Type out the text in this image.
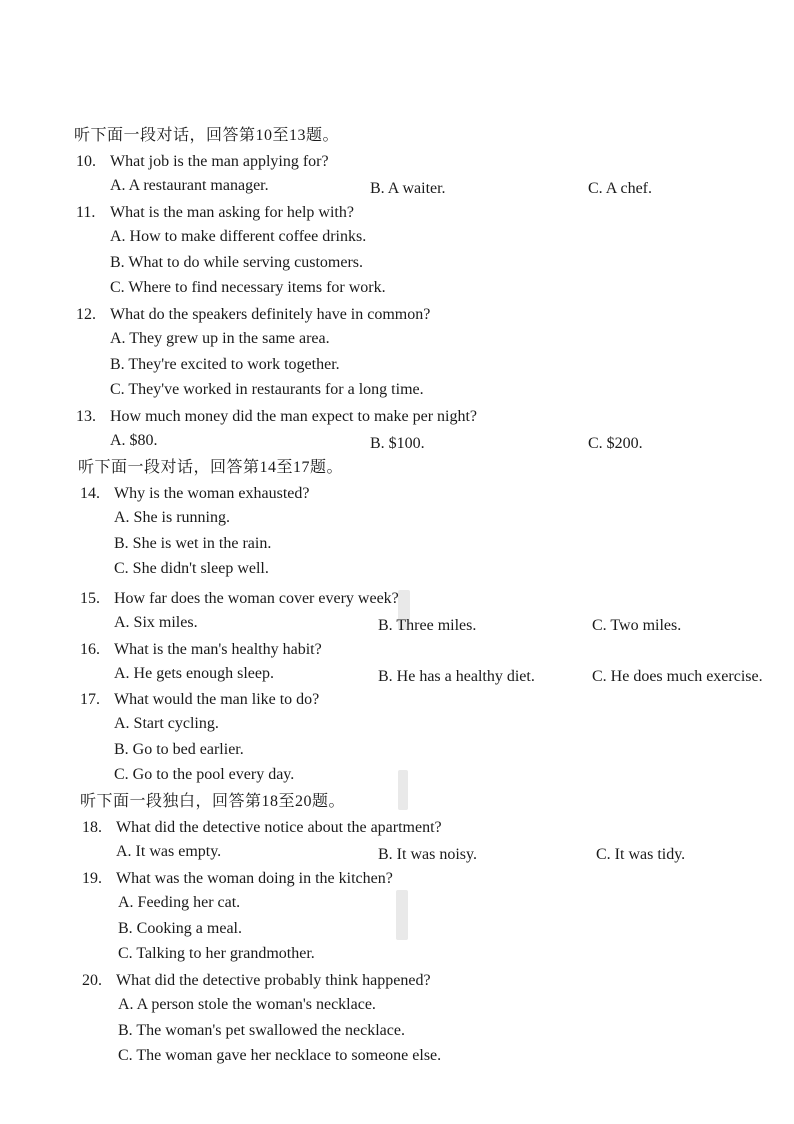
听下面一段对话，回答第10至13题。
10. What job is the man applying for?
A. A restaurant manager.	B. A waiter.	C. A chef.
11. What is the man asking for help with?
A. How to make different coffee drinks.
B. What to do while serving customers.
C. Where to find necessary items for work.
12. What do the speakers definitely have in common?
A. They grew up in the same area.
B. They're excited to work together.
C. They've worked in restaurants for a long time.
13. How much money did the man expect to make per night?
A. $80.	B. $100.	C. $200.
听下面一段对话，回答第14至17题。
14. Why is the woman exhausted?
A. She is running.
B. She is wet in the rain.
C. She didn't sleep well.
15. How far does the woman cover every week?
A. Six miles.	B. Three miles.	C. Two miles.
16. What is the man's healthy habit?
A. He gets enough sleep.	B. He has a healthy diet.	C. He does much exercise.
17. What would the man like to do?
A. Start cycling.
B. Go to bed earlier.
C. Go to the pool every day.
听下面一段独白，回答第18至20题。
18. What did the detective notice about the apartment?
A. It was empty.	B. It was noisy.	C. It was tidy.
19. What was the woman doing in the kitchen?
A. Feeding her cat.
B. Cooking a meal.
C. Talking to her grandmother.
20. What did the detective probably think happened?
A. A person stole the woman's necklace.
B. The woman's pet swallowed the necklace.
C. The woman gave her necklace to someone else.
